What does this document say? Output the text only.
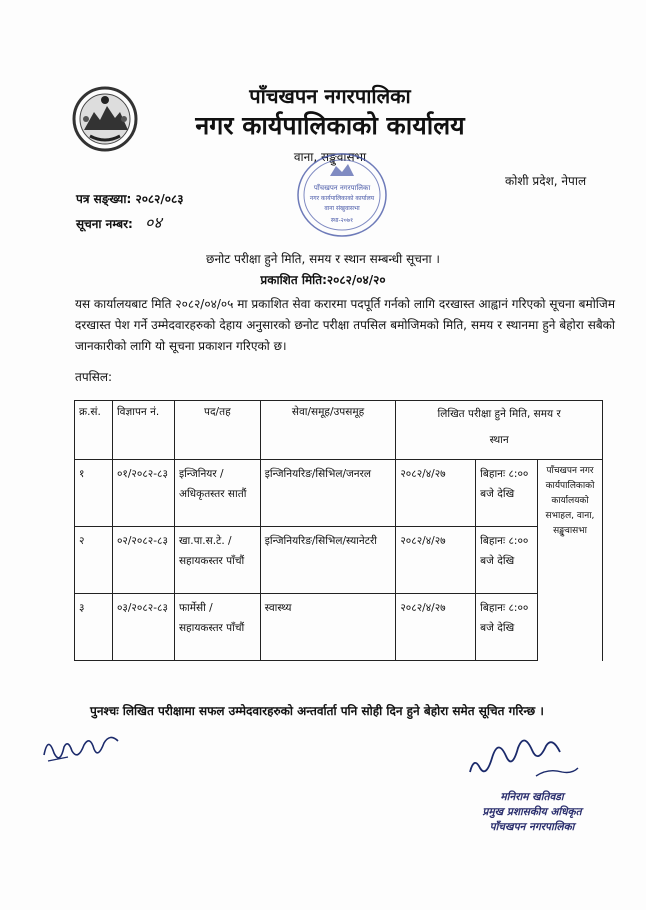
पाँचखपन नगरपालिका
नगर कार्यपालिकाको कार्यालय
वाना, सङ्खुवासभा
कोशी प्रदेश, नेपाल
पाँचखपन नगरपालिका
नगर कार्यपालिकाको कार्यालय
वाना संखुवासभा
स्था-२०७१
पत्र सङ्ख्या: २०८२/०८३
सूचना नम्बर: ०४
छनोट परीक्षा हुने मिति, समय र स्थान सम्बन्धी सूचना ।
प्रकाशित मिति:२०८२/०४/२०
यस कार्यालयबाट मिति २०८२/०४/०५ मा प्रकाशित सेवा करारमा पदपूर्ति गर्नको लागि दरखास्त आह्वानं गरिएको सूचना बमोजिम दरखास्त पेश गर्ने उम्मेदवारहरुको देहाय अनुसारको छनोट परीक्षा तपसिल बमोजिमको मिति, समय र स्थानमा हुने बेहोरा सबैको जानकारीको लागि यो सूचना प्रकाशन गरिएको छ।
तपसिल:
क्र.सं.	विज्ञापन नं.	पद/तह	सेवा/समूह/उपसमूह	लिखित परीक्षा हुने मिति, समय र स्थान		
१	०१/२०८२-८३	इन्जिनियर / अधिकृतस्तर सातौं	इन्जिनियरिङ/सिभिल/जनरल	२०८२/४/२७	बिहानः ८:०० बजे देखि	पाँचखपन नगर कार्यपालिकाको कार्यालयको सभाहल, वाना, सङ्खुवासभा
२	०२/२०८२-८३	खा.पा.स.टे. / सहायकस्तर पाँचौं	इन्जिनियरिङ/सिभिल/स्यानेटरी	२०८२/४/२७	बिहानः ८:०० बजे देखि	
३	०३/२०८२-८३	फार्मेसी / सहायकस्तर पाँचौं	स्वास्थ्य	२०८२/४/२७	बिहानः ८:०० बजे देखि	
पुनश्चः लिखित परीक्षामा सफल उम्मेदवारहरुको अन्तर्वार्ता पनि सोही दिन हुने बेहोरा समेत सूचित गरिन्छ ।
मनिराम खतिवडा
प्रमुख प्रशासकीय अधिकृत
पाँचखपन नगरपालिका
